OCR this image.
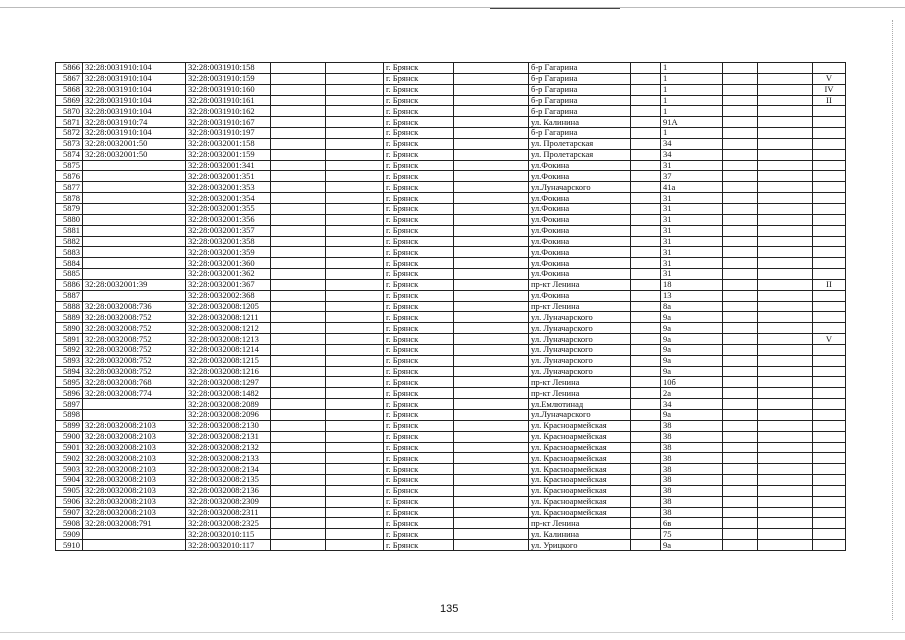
5866	32:28:0031910:104	32:28:0031910:158			г. Брянск		б-р Гагарина		1			
5867	32:28:0031910:104	32:28:0031910:159			г. Брянск		б-р Гагарина		1			V
5868	32:28:0031910:104	32:28:0031910:160			г. Брянск		б-р Гагарина		1			IV
5869	32:28:0031910:104	32:28:0031910:161			г. Брянск		б-р Гагарина		1			II
5870	32:28:0031910:104	32:28:0031910:162			г. Брянск		б-р Гагарина		1			
5871	32:28:0031910:74	32:28:0031910:167			г. Брянск		ул. Калинина		91А			
5872	32:28:0031910:104	32:28:0031910:197			г. Брянск		б-р Гагарина		1			
5873	32:28:0032001:50	32:28:0032001:158			г. Брянск		ул. Пролетарская		34			
5874	32:28:0032001:50	32:28:0032001:159			г. Брянск		ул. Пролетарская		34			
5875		32:28:0032001:341			г. Брянск		ул.Фокина		31			
5876		32:28:0032001:351			г. Брянск		ул.Фокина		37			
5877		32:28:0032001:353			г. Брянск		ул.Луначарского		41а			
5878		32:28:0032001:354			г. Брянск		ул.Фокина		31			
5879		32:28:0032001:355			г. Брянск		ул.Фокина		31			
5880		32:28:0032001:356			г. Брянск		ул.Фокина		31			
5881		32:28:0032001:357			г. Брянск		ул.Фокина		31			
5882		32:28:0032001:358			г. Брянск		ул.Фокина		31			
5883		32:28:0032001:359			г. Брянск		ул.Фокина		31			
5884		32:28:0032001:360			г. Брянск		ул.Фокина		31			
5885		32:28:0032001:362			г. Брянск		ул.Фокина		31			
5886	32:28:0032001:39	32:28:0032001:367			г. Брянск		пр-кт Ленина		18			II
5887		32:28:0032002:368			г. Брянск		ул.Фокина		13			
5888	32:28:0032008:736	32:28:0032008:1205			г. Брянск		пр-кт Ленина		8а			
5889	32:28:0032008:752	32:28:0032008:1211			г. Брянск		ул. Луначарского		9а			
5890	32:28:0032008:752	32:28:0032008:1212			г. Брянск		ул. Луначарского		9а			
5891	32:28:0032008:752	32:28:0032008:1213			г. Брянск		ул. Луначарского		9а			V
5892	32:28:0032008:752	32:28:0032008:1214			г. Брянск		ул. Луначарского		9а			
5893	32:28:0032008:752	32:28:0032008:1215			г. Брянск		ул. Луначарского		9а			
5894	32:28:0032008:752	32:28:0032008:1216			г. Брянск		ул. Луначарского		9а			
5895	32:28:0032008:768	32:28:0032008:1297			г. Брянск		пр-кт Ленина		10б			
5896	32:28:0032008:774	32:28:0032008:1482			г. Брянск		пр-кт Ленина		2а			
5897		32:28:0032008:2089			г. Брянск		ул.Емлютинад		34			
5898		32:28:0032008:2096			г. Брянск		ул.Луначарского		9а			
5899	32:28:0032008:2103	32:28:0032008:2130			г. Брянск		ул. Красноармейская		38			
5900	32:28:0032008:2103	32:28:0032008:2131			г. Брянск		ул. Красноармейская		38			
5901	32:28:0032008:2103	32:28:0032008:2132			г. Брянск		ул. Красноармейская		38			
5902	32:28:0032008:2103	32:28:0032008:2133			г. Брянск		ул. Красноармейская		38			
5903	32:28:0032008:2103	32:28:0032008:2134			г. Брянск		ул. Красноармейская		38			
5904	32:28:0032008:2103	32:28:0032008:2135			г. Брянск		ул. Красноармейская		38			
5905	32:28:0032008:2103	32:28:0032008:2136			г. Брянск		ул. Красноармейская		38			
5906	32:28:0032008:2103	32:28:0032008:2309			г. Брянск		ул. Красноармейская		38			
5907	32:28:0032008:2103	32:28:0032008:2311			г. Брянск		ул. Красноармейская		38			
5908	32:28:0032008:791	32:28:0032008:2325			г. Брянск		пр-кт Ленина		6в			
5909		32:28:0032010:115			г. Брянск		ул. Калинина		75			
5910		32:28:0032010:117			г. Брянск		ул. Урицкого		9а			
135
